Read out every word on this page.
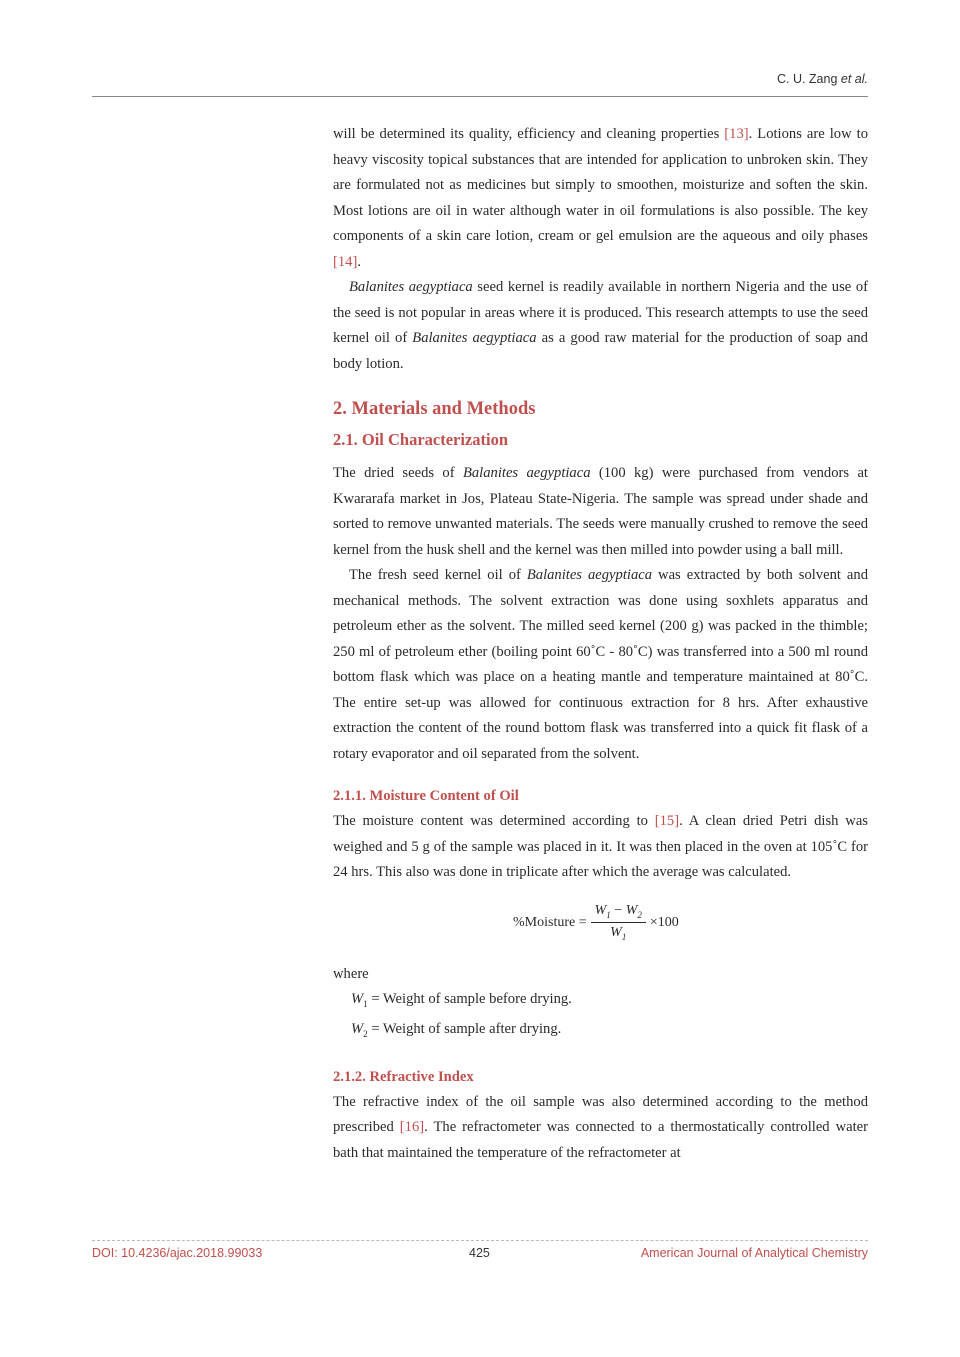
C. U. Zang et al.

will be determined its quality, efficiency and cleaning properties [13]. Lotions are low to heavy viscosity topical substances that are intended for application to unbroken skin. They are formulated not as medicines but simply to smoothen, moisturize and soften the skin. Most lotions are oil in water although water in oil formulations is also possible. The key components of a skin care lotion, cream or gel emulsion are the aqueous and oily phases [14].

Balanites aegyptiaca seed kernel is readily available in northern Nigeria and the use of the seed is not popular in areas where it is produced. This research attempts to use the seed kernel oil of Balanites aegyptiaca as a good raw material for the production of soap and body lotion.

2. Materials and Methods
2.1. Oil Characterization

The dried seeds of Balanites aegyptiaca (100 kg) were purchased from vendors at Kwararafa market in Jos, Plateau State-Nigeria. The sample was spread under shade and sorted to remove unwanted materials. The seeds were manually crushed to remove the seed kernel from the husk shell and the kernel was then milled into powder using a ball mill.

The fresh seed kernel oil of Balanites aegyptiaca was extracted by both solvent and mechanical methods. The solvent extraction was done using soxhlets apparatus and petroleum ether as the solvent. The milled seed kernel (200 g) was packed in the thimble; 250 ml of petroleum ether (boiling point 60˚C - 80˚C) was transferred into a 500 ml round bottom flask which was place on a heating mantle and temperature maintained at 80˚C. The entire set-up was allowed for continuous extraction for 8 hrs. After exhaustive extraction the content of the round bottom flask was transferred into a quick fit flask of a rotary evaporator and oil separated from the solvent.

2.1.1. Moisture Content of Oil

The moisture content was determined according to [15]. A clean dried Petri dish was weighed and 5 g of the sample was placed in it. It was then placed in the oven at 105˚C for 24 hrs. This also was done in triplicate after which the average was calculated.

%Moisture = $\frac{W_1 - W_2}{W_1} \times 100$

where

$W_1$ = Weight of sample before drying.

$W_2$ = Weight of sample after drying.

2.1.2. Refractive Index

The refractive index of the oil sample was also determined according to the method prescribed [16]. The refractometer was connected to a thermostatically controlled water bath that maintained the temperature of the refractometer at

DOI: 10.4236/ajac.2018.99033	425	American Journal of Analytical Chemistry
